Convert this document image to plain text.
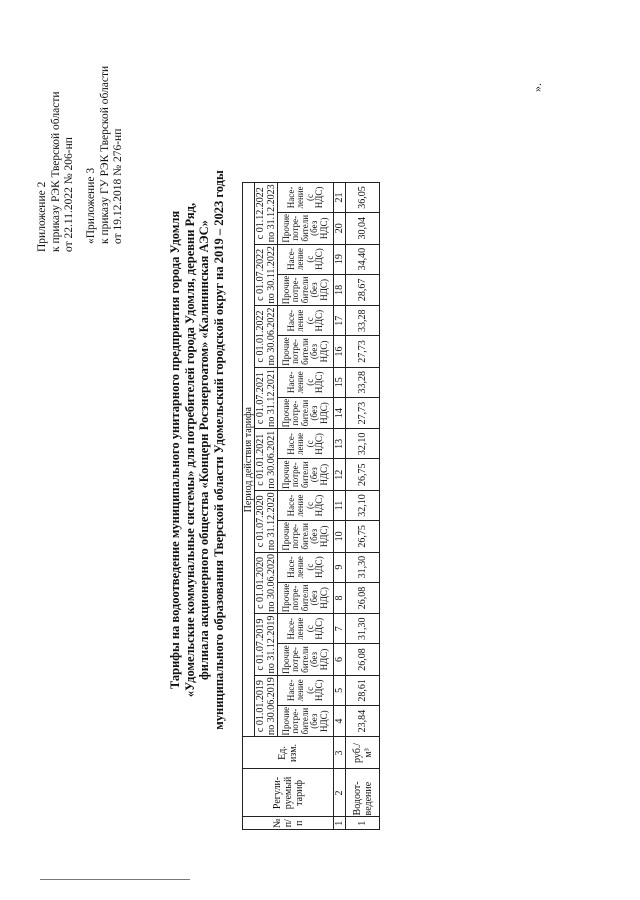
Приложение 2 к приказу РЭК Тверской области от 22.11.2022 № 206-нп «Приложение 3 к приказу ГУ РЭК Тверской области от 19.12.2018 № 276-нп
Тарифы на водоотведение муниципального унитарного предприятия города Удомля «Удомельские коммунальные системы» для потребителей города Удомля, деревни Ряд, филиала акционерного общества «Концерн Росэнергоатом» «Калининская АЭС» муниципального образования Тверской области Удомельский городской округ на 2019 – 2023 годы
№ п/п	Регули-руемый тариф	Ед. изм.	Период действия тарифа																	
			с 01.01.2019 по 30.06.2019		с 01.07.2019 по 31.12.2019		с 01.01.2020 по 30.06.2020		с 01.07.2020 по 31.12.2020		с 01.01.2021 по 30.06.2021		с 01.07.2021 по 31.12.2021		с 01.01.2022 по 30.06.2022		с 01.07.2022 по 30.11.2022		с 01.12.2022 по 31.12.2023	
			Прочие потре-бители (без НДС)	Насе-ление (с НДС)	Прочие потре-бители (без НДС)	Насе-ление (с НДС)	Прочие потре-бители (без НДС)	Насе-ление (с НДС)	Прочие потре-бители (без НДС)	Насе-ление (с НДС)	Прочие потре-бители (без НДС)	Насе-ление (с НДС)	Прочие потре-бители (без НДС)	Насе-ление (с НДС)	Прочие потре-бители (без НДС)	Насе-ление (с НДС)	Прочие потре-бители (без НДС)	Насе-ление (с НДС)	Прочие потре-бители (без НДС)	Насе-ление (с НДС)
1	2	3	4	5	6	7	8	9	10	11	12	13	14	15	16	17	18	19	20	21
1	Водоот-ведение	руб./м³	23,84	28,61	26,08	31,30	26,08	31,30	26,75	32,10	26,75	32,10	27,73	33,28	27,73	33,28	28,67	34,40	30,04	36,05
».
